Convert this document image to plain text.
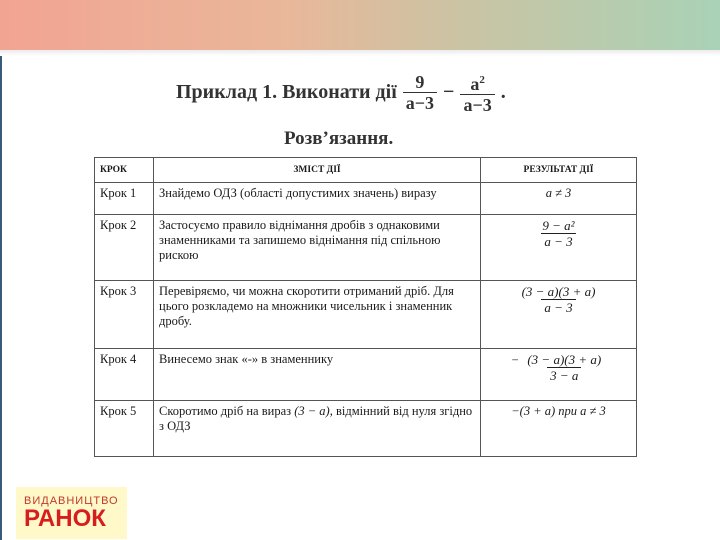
Приклад 1. Виконати дії $\frac{9}{a-3} - \frac{a^2}{a-3}$ .
Розв’язання.
КРОК	ЗМІСТ ДІЇ	РЕЗУЛЬТАТ ДІЇ
Крок 1	Знайдемо ОДЗ (області допустимих значень) виразу	a ≠ 3
Крок 2	Застосуємо правило віднімання дробів з однаковими знаменниками та запишемо віднімання під спільною рискою	$\frac{\text{9 − a²}}{a - 3}$

Крок 3	Перевіряємо, чи можна скоротити отриманий дріб. Для цього розкладемо на множники чисельник і знаменник дробу.	$\frac{(3 - a)(3 + a)}{a - 3}$

Крок 4	Винесемо знак «-» в знаменнику	− $\frac{(3 - a)(3 + a)}{3 - a}$

Крок 5	Скоротимо дріб на вираз (3 − a), відмінний від нуля згідно з ОДЗ	−(3 + a) при a ≠ 3
ВИДАВНИЦТВО
РАНОК
